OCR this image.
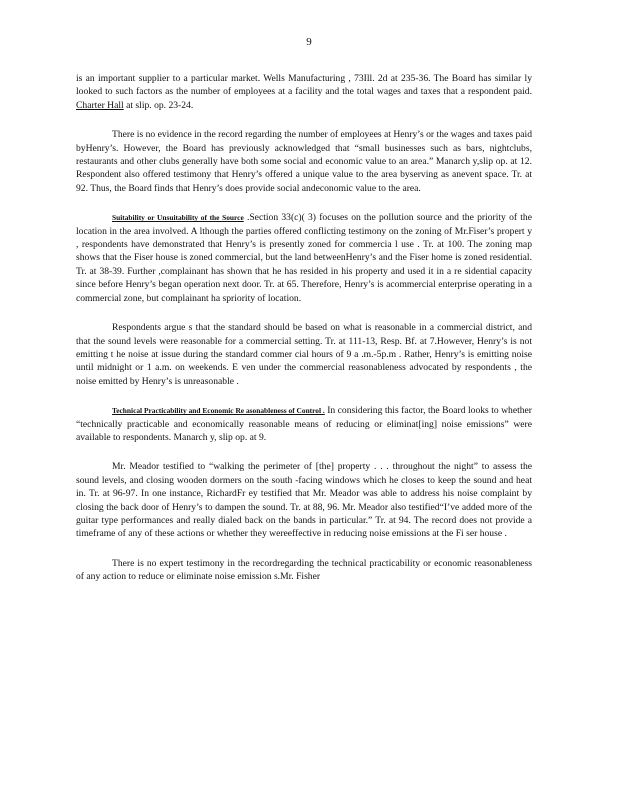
9

is an important supplier to a particular market. Wells Manufacturing , 73Ill. 2d at 235-36. The Board has similar ly looked to such factors as the number of employees at a facility and the total wages and taxes that a respondent paid. Charter Hall at slip. op. 23-24.

There is no evidence in the record regarding the number of employees at Henry’s or the wages and taxes paid byHenry’s. However, the Board has previously acknowledged that “small businesses such as bars, nightclubs, restaurants and other clubs generally have both some social and economic value to an area.” Manarch y,slip op. at 12. Respondent also offered testimony that Henry’s offered a unique value to the area byserving as anevent space. Tr. at 92. Thus, the Board finds that Henry’s does provide social andeconomic value to the area.

Suitability or Unsuitability of the Source .Section 33(c)( 3) focuses on the pollution source and the priority of the location in the area involved. A lthough the parties offered conflicting testimony on the zoning of Mr.Fiser’s propert y , respondents have demonstrated that Henry’s is presently zoned for commercia l use . Tr. at 100. The zoning map shows that the Fiser house is zoned commercial, but the land betweenHenry’s and the Fiser home is zoned residential. Tr. at 38-39. Further ,complainant has shown that he has resided in his property and used it in a re sidential capacity since before Henry’s began operation next door. Tr. at 65. Therefore, Henry’s is acommercial enterprise operating in a commercial zone, but complainant ha spriority of location.

Respondents argue s that the standard should be based on what is reasonable in a commercial district, and that the sound levels were reasonable for a commercial setting. Tr. at 111-13, Resp. Bf. at 7.However, Henry’s is not emitting t he noise at issue during the standard commer cial hours of 9 a .m.-5p.m . Rather, Henry’s is emitting noise until midnight or 1 a.m. on weekends. E ven under the commercial reasonableness advocated by respondents , the noise emitted by Henry’s is unreasonable .

Technical Practicability and Economic Re asonableness of Control . In considering this factor, the Board looks to whether “technically practicable and economically reasonable means of reducing or eliminat[ing] noise emissions” were available to respondents. Manarch y, slip op. at 9.

Mr. Meador testified to “walking the perimeter of [the] property . . . throughout the night” to assess the sound levels, and closing wooden dormers on the south -facing windows which he closes to keep the sound and heat in. Tr. at 96-97. In one instance, RichardFr ey testified that Mr. Meador was able to address his noise complaint by closing the back door of Henry’s to dampen the sound. Tr. at 88, 96. Mr. Meador also testified“I’ve added more of the guitar type performances and really dialed back on the bands in particular.” Tr. at 94. The record does not provide a timeframe of any of these actions or whether they wereeffective in reducing noise emissions at the Fi ser house .

There is no expert testimony in the recordregarding the technical practicability or economic reasonableness of any action to reduce or eliminate noise emission s.Mr. Fisher
